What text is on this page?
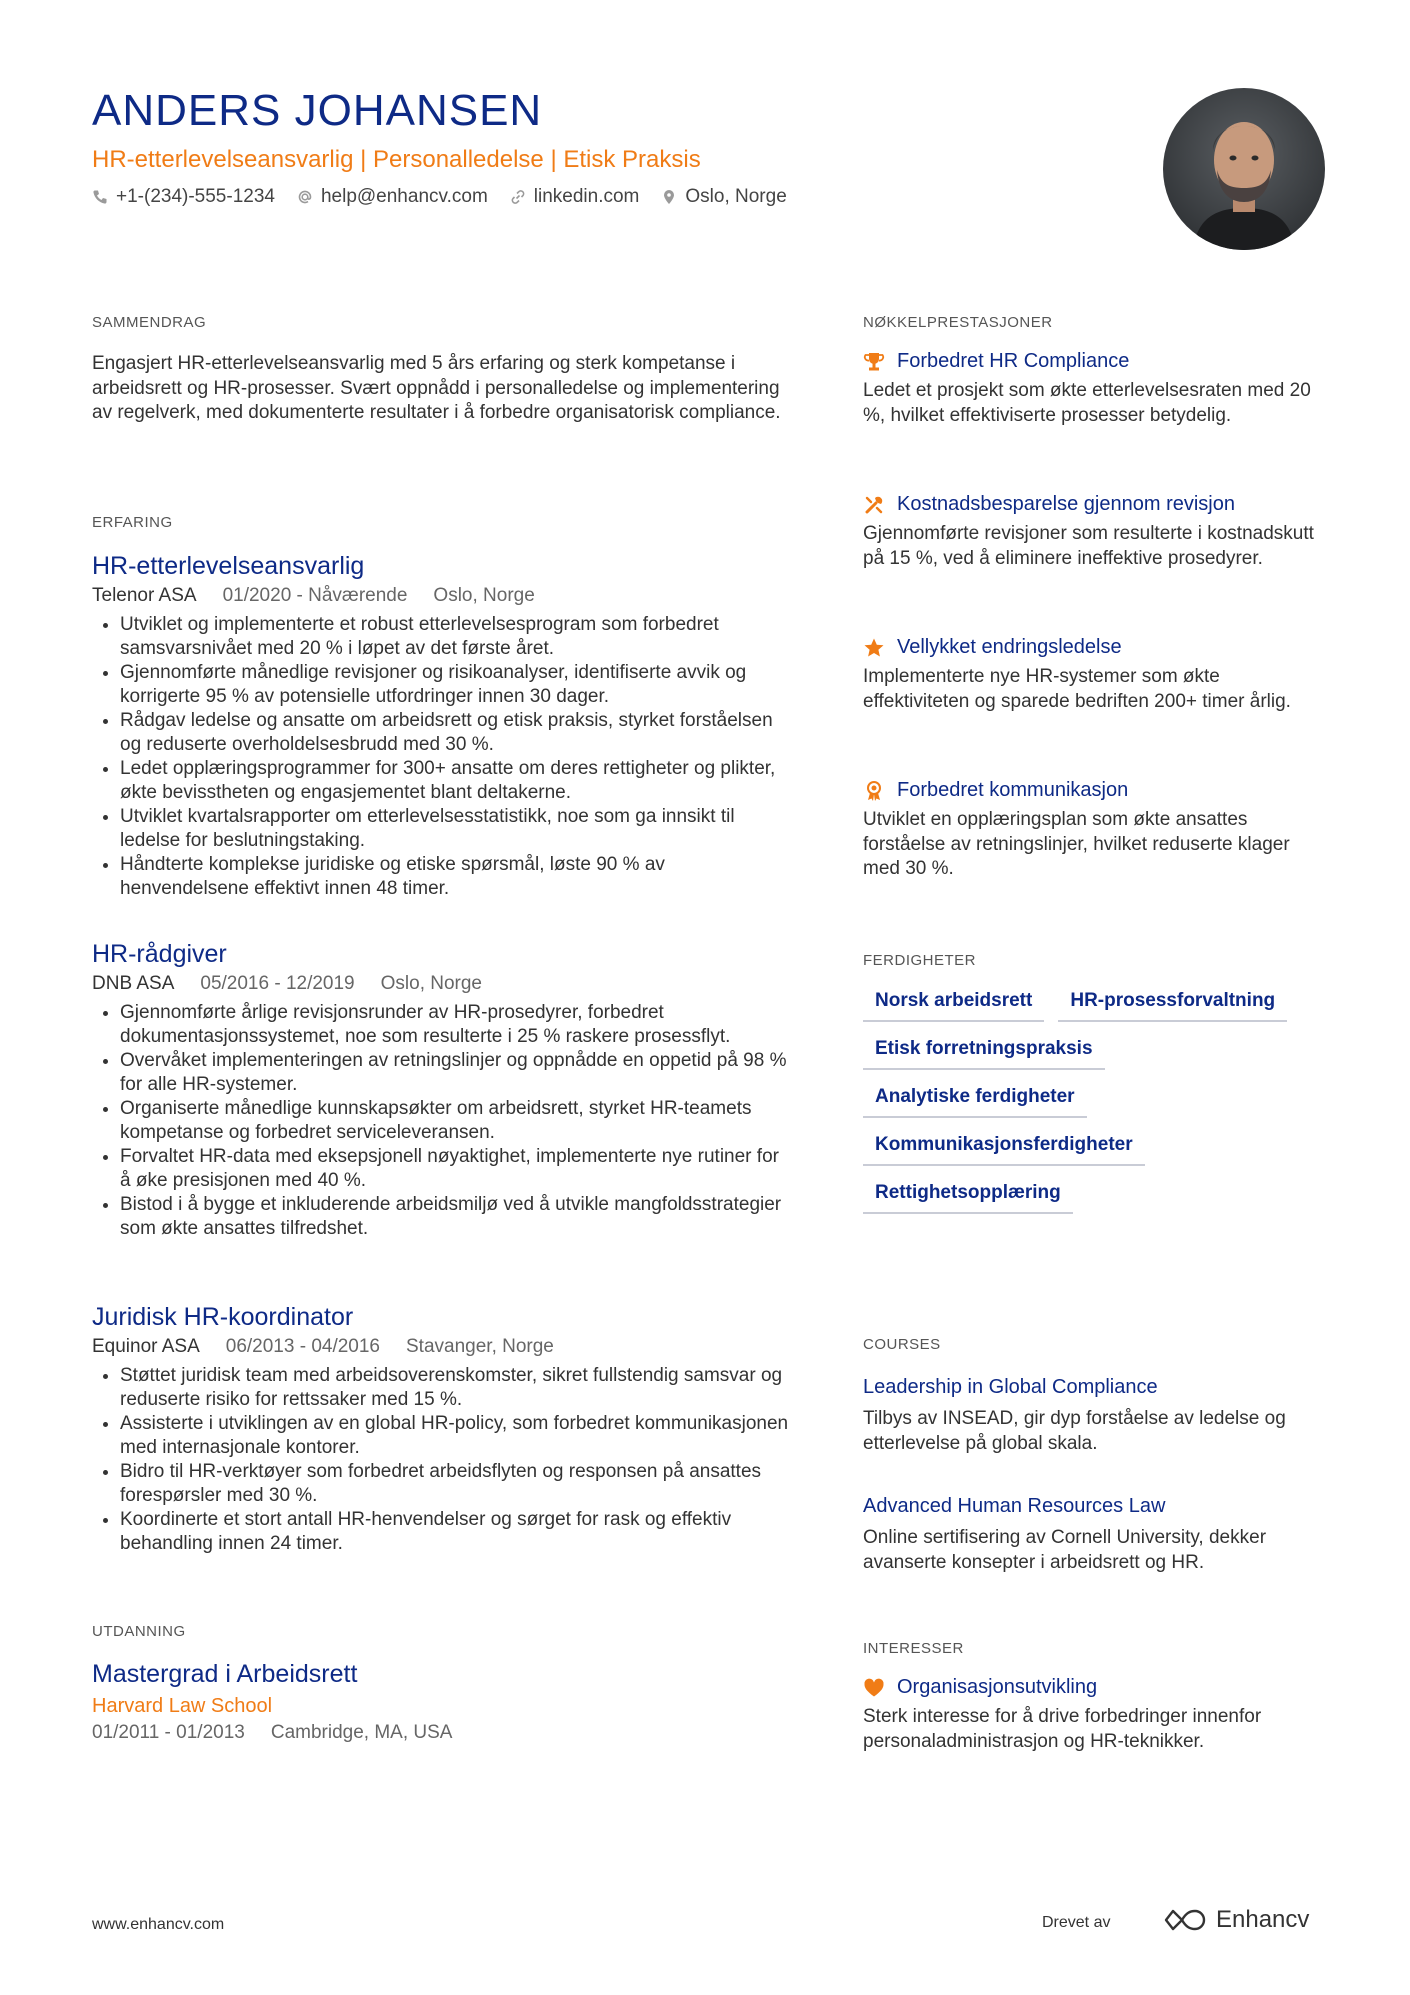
ANDERS JOHANSEN
HR-etterlevelseansvarlig | Personalledelse | Etisk Praksis
+1-(234)-555-1234 help@enhancv.com linkedin.com Oslo, Norge
SAMMENDRAG

Engasjert HR-etterlevelseansvarlig med 5 års erfaring og sterk kompetanse i arbeidsrett og HR-prosesser. Svært oppnådd i personalledelse og implementering av regelverk, med dokumenterte resultater i å forbedre organisatorisk compliance.

ERFARING
HR-etterlevelseansvarlig
Telenor ASA 01/2020 - Nåværende Oslo, Norge
• Utviklet og implementerte et robust etterlevelsesprogram som forbedret samsvarsnivået med 20 % i løpet av det første året.
• Gjennomførte månedlige revisjoner og risikoanalyser, identifiserte avvik og korrigerte 95 % av potensielle utfordringer innen 30 dager.
• Rådgav ledelse og ansatte om arbeidsrett og etisk praksis, styrket forståelsen og reduserte overholdelsesbrudd med 30 %.
• Ledet opplæringsprogrammer for 300+ ansatte om deres rettigheter og plikter, økte bevisstheten og engasjementet blant deltakerne.
• Utviklet kvartalsrapporter om etterlevelsesstatistikk, noe som ga innsikt til ledelse for beslutningstaking.
• Håndterte komplekse juridiske og etiske spørsmål, løste 90 % av henvendelsene effektivt innen 48 timer.
HR-rådgiver
DNB ASA 05/2016 - 12/2019 Oslo, Norge
• Gjennomførte årlige revisjonsrunder av HR-prosedyrer, forbedret dokumentasjonssystemet, noe som resulterte i 25 % raskere prosessflyt.
• Overvåket implementeringen av retningslinjer og oppnådde en oppetid på 98 % for alle HR-systemer.
• Organiserte månedlige kunnskapsøkter om arbeidsrett, styrket HR-teamets kompetanse og forbedret serviceleveransen.
• Forvaltet HR-data med eksepsjonell nøyaktighet, implementerte nye rutiner for å øke presisjonen med 40 %.
• Bistod i å bygge et inkluderende arbeidsmiljø ved å utvikle mangfoldsstrategier som økte ansattes tilfredshet.
Juridisk HR-koordinator
Equinor ASA 06/2013 - 04/2016 Stavanger, Norge
• Støttet juridisk team med arbeidsoverenskomster, sikret fullstendig samsvar og reduserte risiko for rettssaker med 15 %.
• Assisterte i utviklingen av en global HR-policy, som forbedret kommunikasjonen med internasjonale kontorer.
• Bidro til HR-verktøyer som forbedret arbeidsflyten og responsen på ansattes forespørsler med 30 %.
• Koordinerte et stort antall HR-henvendelser og sørget for rask og effektiv behandling innen 24 timer.
UTDANNING
Mastergrad i Arbeidsrett
Harvard Law School
01/2011 - 01/2013 Cambridge, MA, USA
NØKKELPRESTASJONER
Forbedret HR Compliance
Ledet et prosjekt som økte etterlevelsesraten med 20 %, hvilket effektiviserte prosesser betydelig.
Kostnadsbesparelse gjennom revisjon
Gjennomførte revisjoner som resulterte i kostnadskutt på 15 %, ved å eliminere ineffektive prosedyrer.
Vellykket endringsledelse
Implementerte nye HR-systemer som økte effektiviteten og sparede bedriften 200+ timer årlig.
Forbedret kommunikasjon
Utviklet en opplæringsplan som økte ansattes forståelse av retningslinjer, hvilket reduserte klager med 30 %.
FERDIGHETER
Norsk arbeidsrett	HR-prosessforvaltning
Etisk forretningspraksis
Analytiske ferdigheter
Kommunikasjonsferdigheter
Rettighetsopplæring
COURSES
Leadership in Global Compliance
Tilbys av INSEAD, gir dyp forståelse av ledelse og etterlevelse på global skala.
Advanced Human Resources Law
Online sertifisering av Cornell University, dekker avanserte konsepter i arbeidsrett og HR.
INTERESSER
Organisasjonsutvikling
Sterk interesse for å drive forbedringer innenfor personaladministrasjon og HR-teknikker.
www.enhancv.com	Drevet av	Enhancv
